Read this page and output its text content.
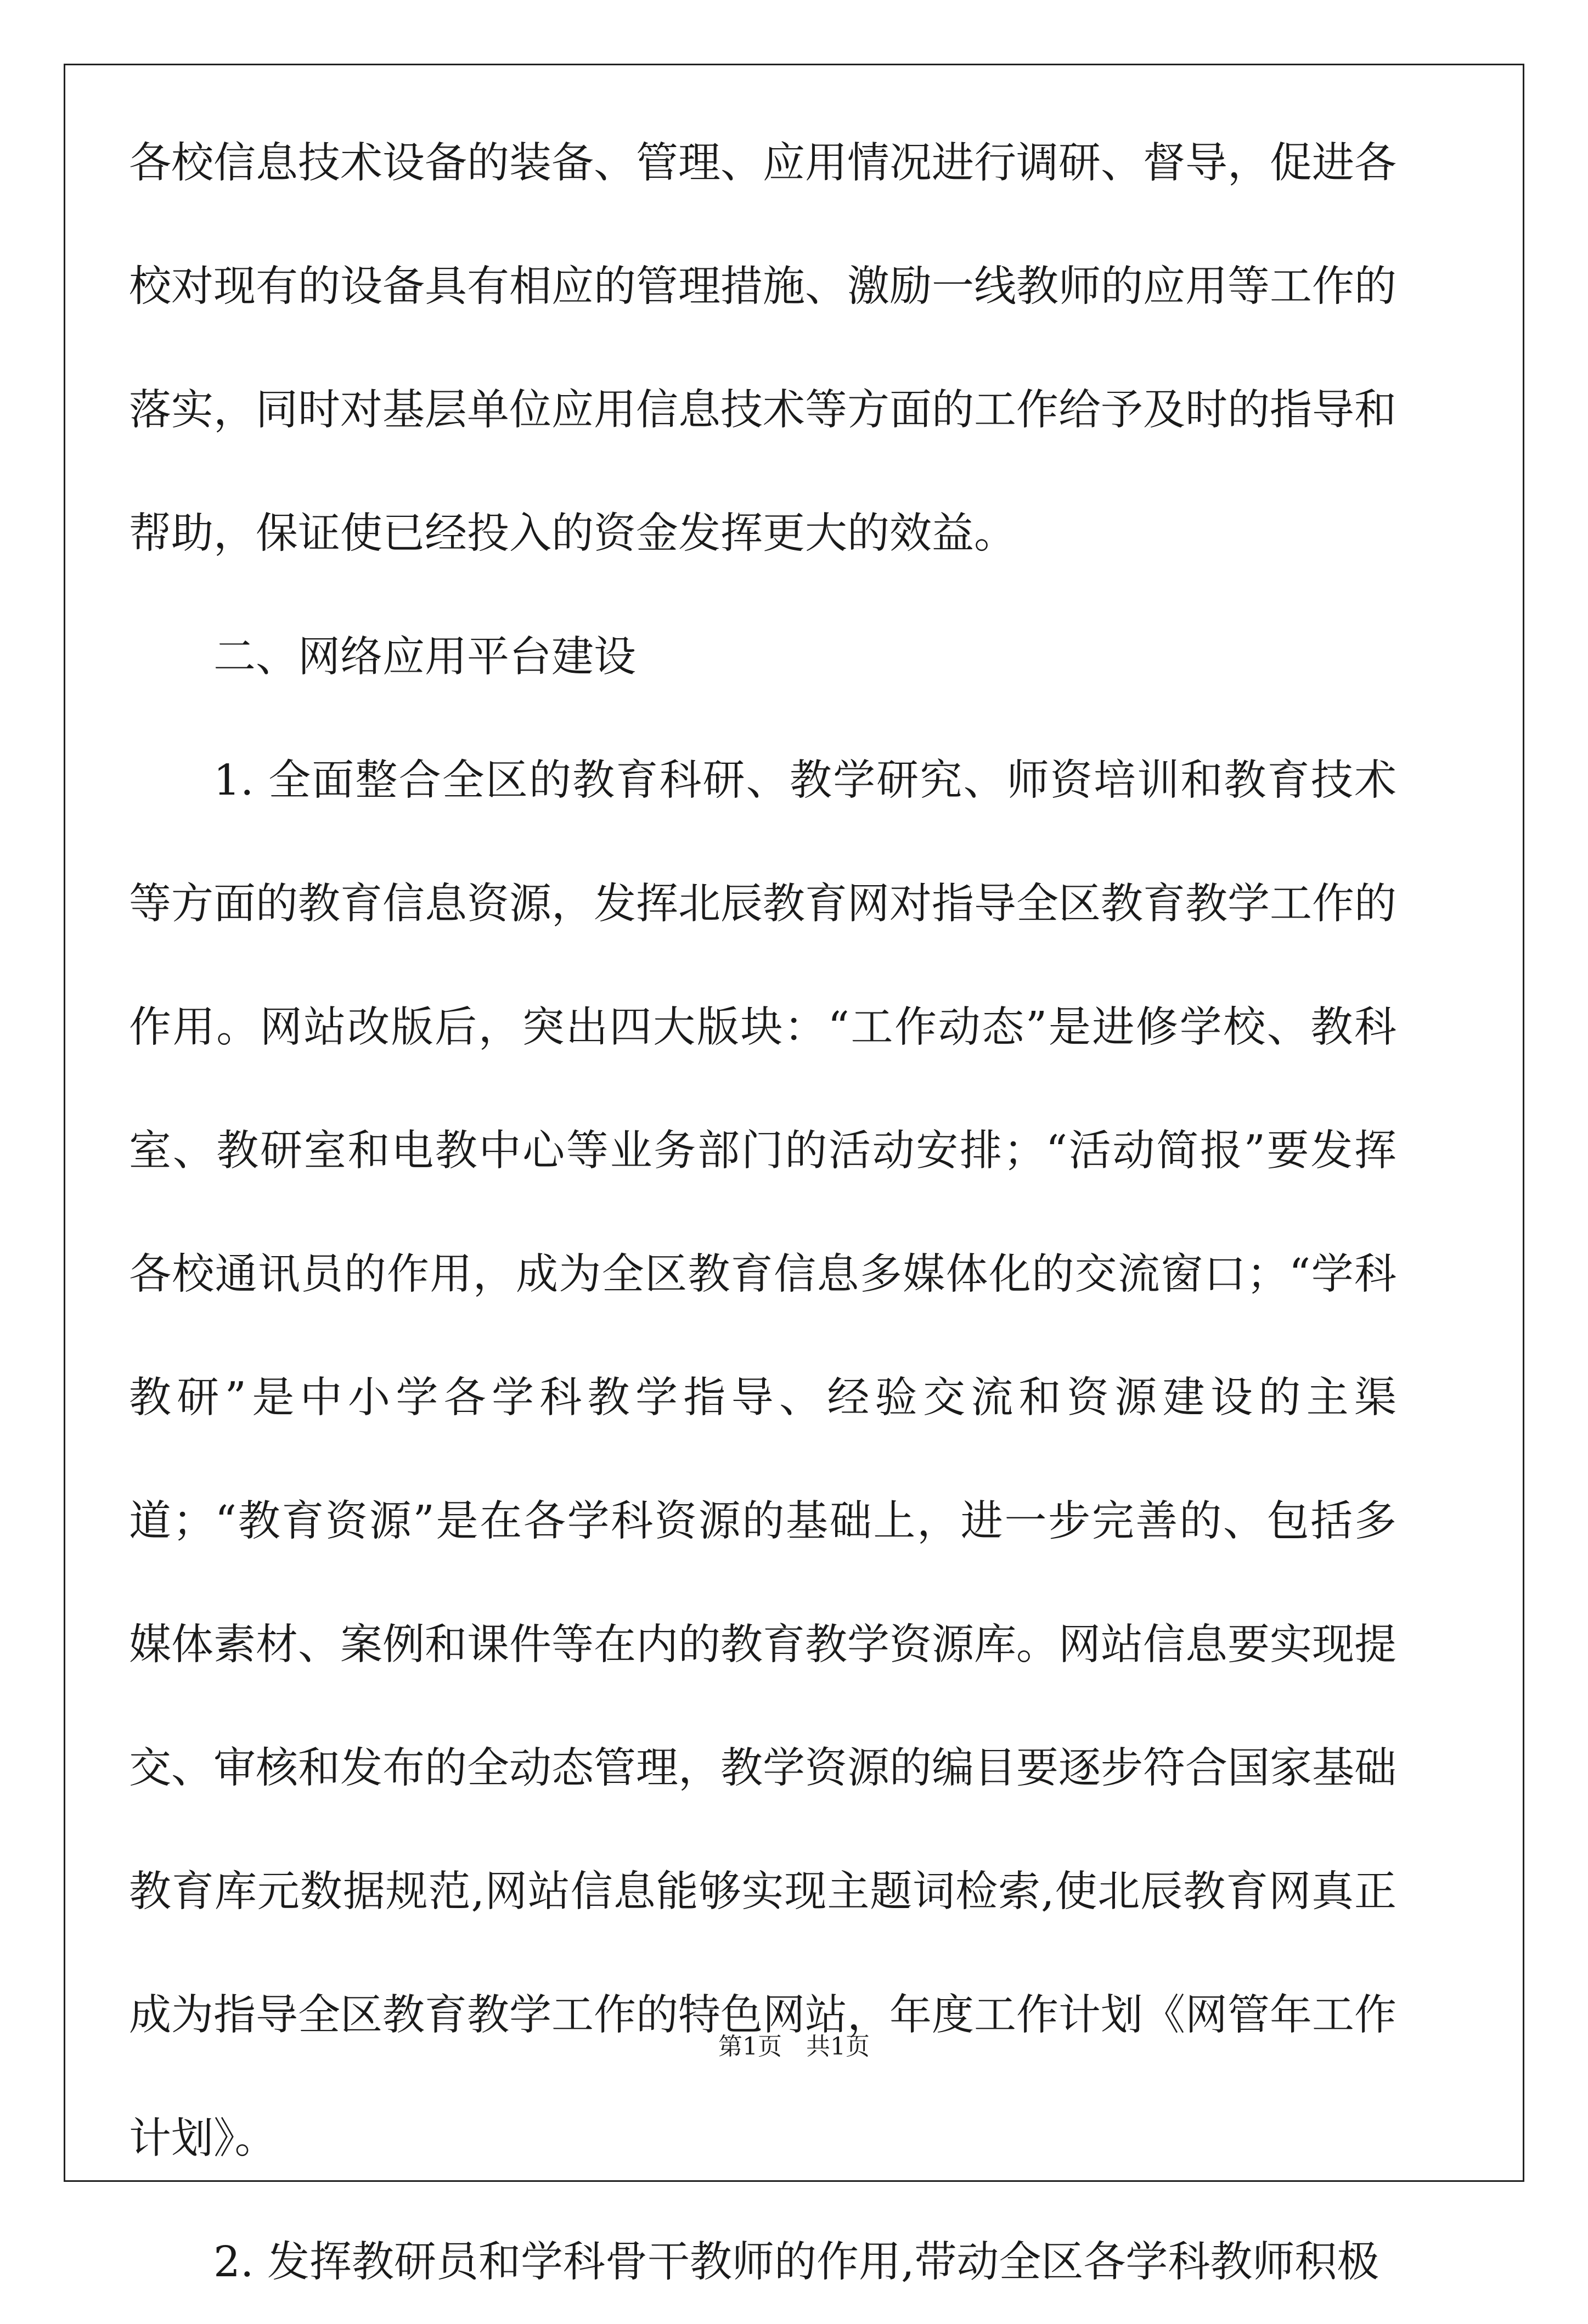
各校信息技术设备的装备、管理、应用情况进行调研、督导，促进各校对现有的设备具有相应的管理措施、激励一线教师的应用等工作的落实，同时对基层单位应用信息技术等方面的工作给予及时的指导和帮助，保证使已经投入的资金发挥更大的效益。

二、网络应用平台建设

1. 全面整合全区的教育科研、教学研究、师资培训和教育技术等方面的教育信息资源，发挥北辰教育网对指导全区教育教学工作的作用。网站改版后，突出四大版块：“工作动态”是进修学校、教科室、教研室和电教中心等业务部门的活动安排；“活动简报”要发挥各校通讯员的作用，成为全区教育信息多媒体化的交流窗口；“学科教研”是中小学各学科教学指导、经验交流和资源建设的主渠道；“教育资源”是在各学科资源的基础上，进一步完善的、包括多媒体素材、案例和课件等在内的教育教学资源库。网站信息要实现提交、审核和发布的全动态管理，教学资源的编目要逐步符合国家基础教育库元数据规范,网站信息能够实现主题词检索,使北辰教育网真正成为指导全区教育教学工作的特色网站，年度工作计划《网管年工作计划》。

2. 发挥教研员和学科骨干教师的作用,带动全区各学科教师积极

第1页　共1页
